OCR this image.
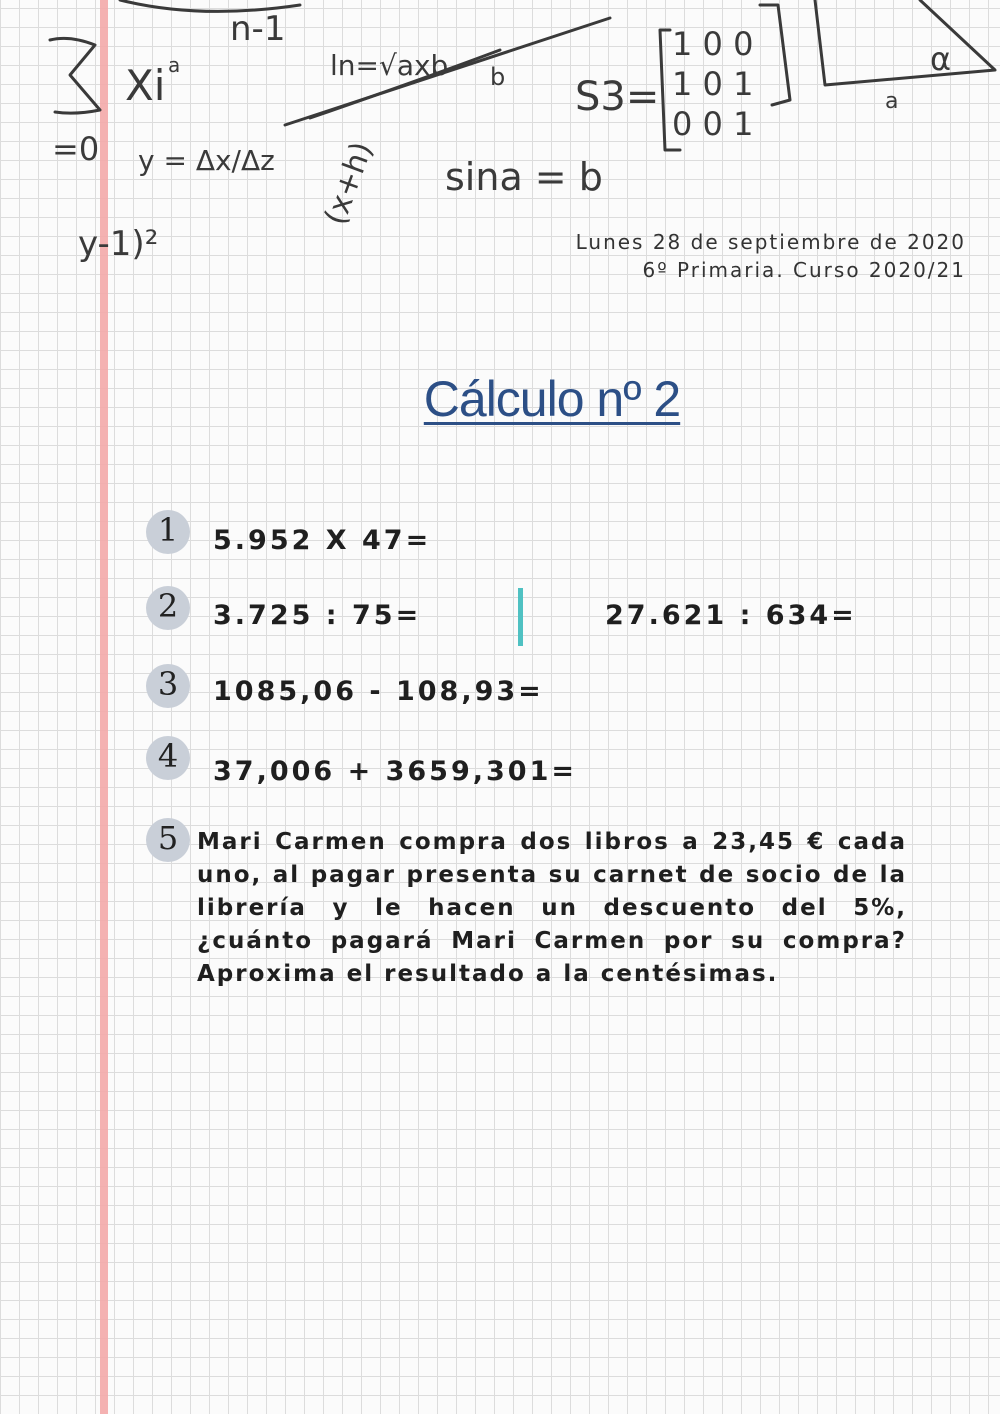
Xi a
=0 y = Δx/Δz
n-1
ln=√axb b S3=
1 0 0
1 0 1
0 0 1
sina = b
(x+h)
y-1)²
a
α
Lunes 28 de septiembre de 2020
6º Primaria. Curso 2020/21
Cálculo nº 2
1	5.952 X 47=
2	3.725 : 75=	27.621 : 634=
3	1085,06 - 108,93=
4	37,006 + 3659,301=
5 Mari Carmen compra dos libros a 23,45 € cada uno, al pagar presenta su carnet de socio de la librería y le hacen un descuento del 5%, ¿cuánto pagará Mari Carmen por su compra? Aproxima el resultado a la centésimas.
